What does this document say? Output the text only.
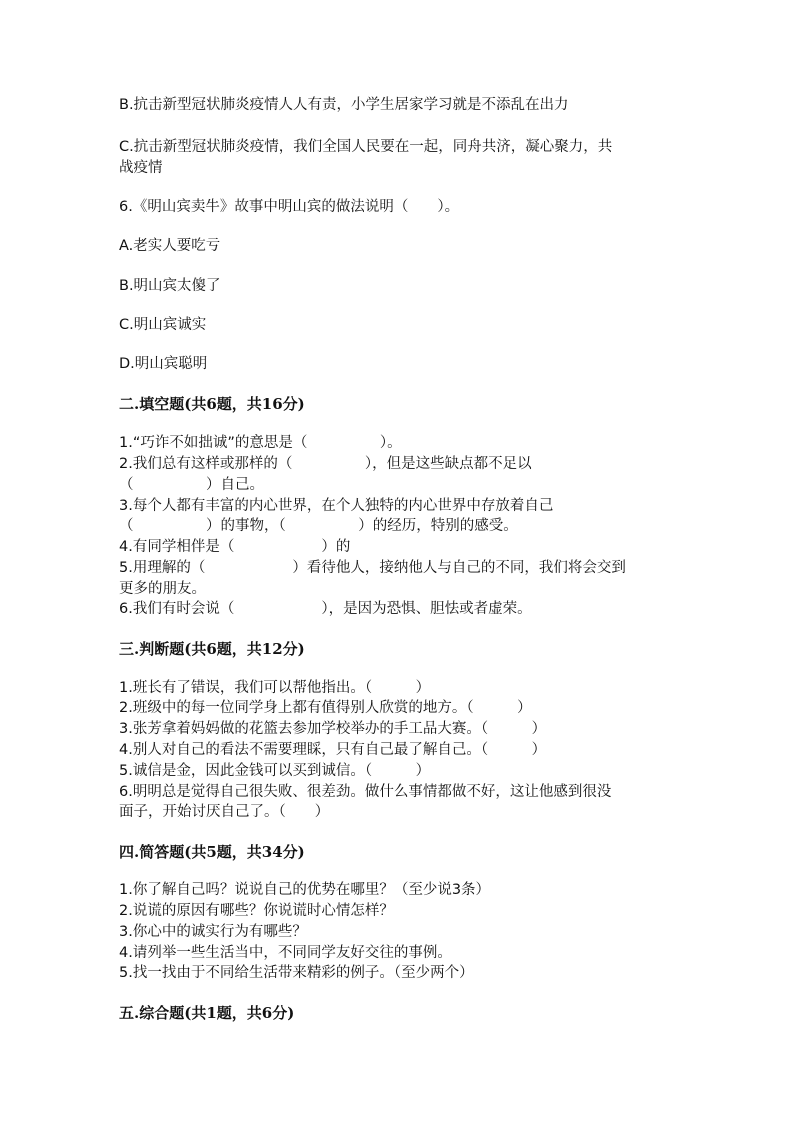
B.抗击新型冠状肺炎疫情人人有责，小学生居家学习就是不添乱在出力
C.抗击新型冠状肺炎疫情，我们全国人民要在一起，同舟共济，凝心聚力，共
战疫情
6.《明山宾卖牛》故事中明山宾的做法说明（　　）。
A.老实人要吃亏
B.明山宾太傻了
C.明山宾诚实
D.明山宾聪明
二.填空题(共6题，共16分)
1.“巧诈不如拙诚”的意思是（　　　　　）。
2.我们总有这样或那样的（　　　　　），但是这些缺点都不足以
（　　　　　）自己。
3.每个人都有丰富的内心世界，在个人独特的内心世界中存放着自己
（　　　　　）的事物，（　　　　　）的经历，特别的感受。
4.有同学相伴是（　　　　　　）的
5.用理解的（　　　　　　）看待他人，接纳他人与自己的不同，我们将会交到
更多的朋友。
6.我们有时会说（　　　　　　），是因为恐惧、胆怯或者虚荣。
三.判断题(共6题，共12分)
1.班长有了错误，我们可以帮他指出。（　　　）
2.班级中的每一位同学身上都有值得别人欣赏的地方。（　　　）
3.张芳拿着妈妈做的花篮去参加学校举办的手工品大赛。（　　　）
4.别人对自己的看法不需要理睬，只有自己最了解自己。（　　　）
5.诚信是金，因此金钱可以买到诚信。（　　　）
6.明明总是觉得自己很失败、很差劲。做什么事情都做不好，这让他感到很没
面子，开始讨厌自己了。（　　）
四.简答题(共5题，共34分)
1.你了解自己吗？说说自己的优势在哪里？（至少说3条）
2.说谎的原因有哪些？你说谎时心情怎样？
3.你心中的诚实行为有哪些？
4.请列举一些生活当中，不同同学友好交往的事例。
5.找一找由于不同给生活带来精彩的例子。（至少两个）
五.综合题(共1题，共6分)
